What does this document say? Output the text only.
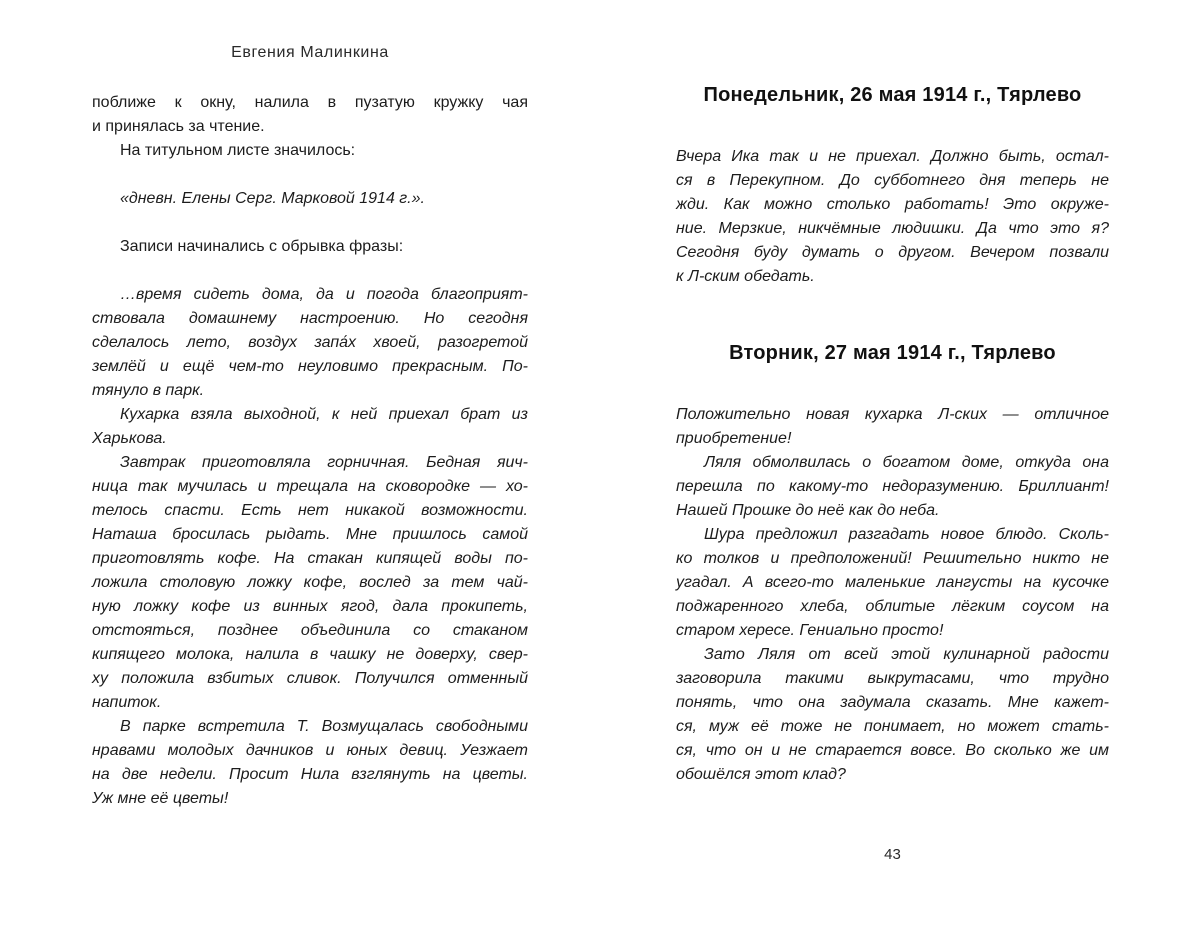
Евгения Малинкина
поближе к окну, налила в пузатую кружку чая
и принялась за чтение.
На титульном листе значилось:
«дневн. Елены Серг. Марковой 1914 г.».
Записи начинались с обрывка фразы:
…время сидеть дома, да и погода благоприят-
ствовала домашнему настроению. Но сегодня
сделалось лето, воздух запа́х хвоей, разогретой
землёй и ещё чем-то неуловимо прекрасным. По-
тянуло в парк.
Кухарка взяла выходной, к ней приехал брат из
Харькова.
Завтрак приготовляла горничная. Бедная яич-
ница так мучилась и трещала на сковородке — хо-
телось спасти. Есть нет никакой возможности.
Наташа бросилась рыдать. Мне пришлось самой
приготовлять кофе. На стакан кипящей воды по-
ложила столовую ложку кофе, вослед за тем чай-
ную ложку кофе из винных ягод, дала прокипеть,
отстояться, позднее объединила со стаканом
кипящего молока, налила в чашку не доверху, свер-
ху положила взбитых сливок. Получился отменный
напиток.
В парке встретила Т. Возмущалась свободными
нравами молодых дачников и юных девиц. Уезжает
на две недели. Просит Нила взглянуть на цветы.
Уж мне её цветы!
Понедельник, 26 мая 1914 г., Тярлево
Вчера Ика так и не приехал. Должно быть, остал-
ся в Перекупном. До субботнего дня теперь не
жди. Как можно столько работать! Это окруже-
ние. Мерзкие, никчёмные людишки. Да что это я?
Сегодня буду думать о другом. Вечером позвали
к Л-ским обедать.
Вторник, 27 мая 1914 г., Тярлево
Положительно новая кухарка Л-ских — отличное
приобретение!
Ляля обмолвилась о богатом доме, откуда она
перешла по какому-то недоразумению. Бриллиант!
Нашей Прошке до неё как до неба.
Шура предложил разгадать новое блюдо. Сколь-
ко толков и предположений! Решительно никто не
угадал. А всего-то маленькие лангусты на кусочке
поджаренного хлеба, облитые лёгким соусом на
старом хересе. Гениально просто!
Зато Ляля от всей этой кулинарной радости
заговорила такими выкрутасами, что трудно
понять, что она задумала сказать. Мне кажет-
ся, муж её тоже не понимает, но может стать-
ся, что он и не старается вовсе. Во сколько же им
обошёлся этот клад?
43
